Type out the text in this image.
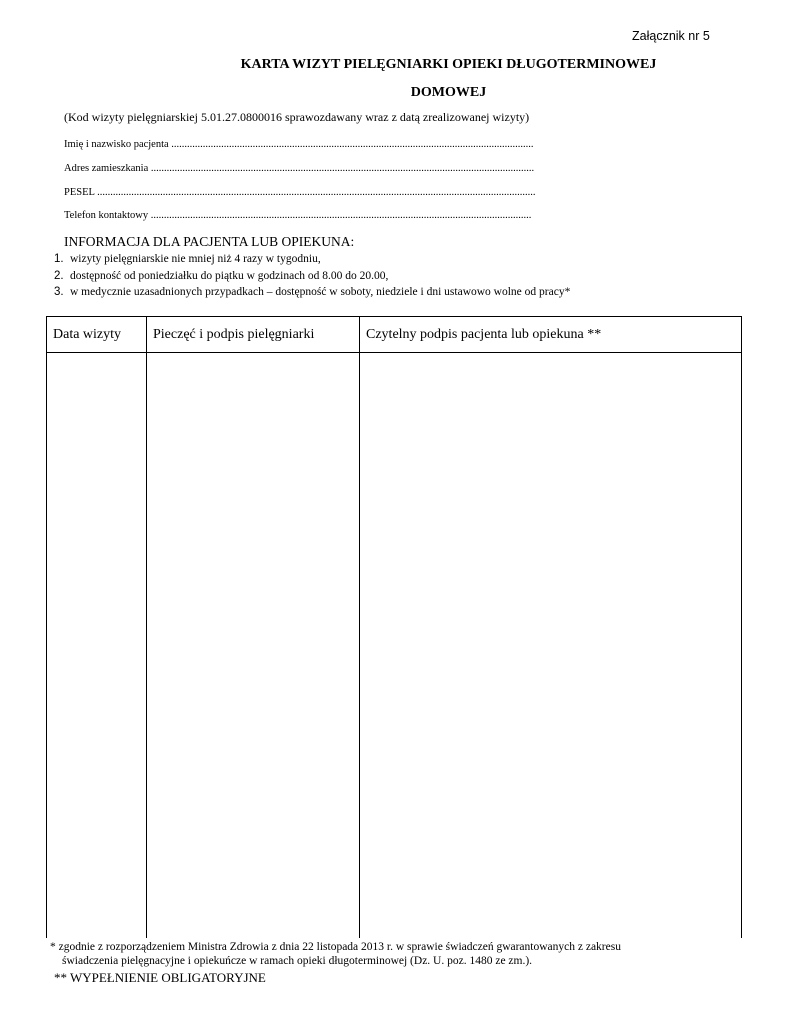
Załącznik nr 5
KARTA WIZYT PIELĘGNIARKI OPIEKI DŁUGOTERMINOWEJ
DOMOWEJ
(Kod wizyty pielęgniarskiej 5.01.27.0800016 sprawozdawany wraz z datą zrealizowanej wizyty)
Imię i nazwisko pacjenta ..........................................................................................................................................
Adres zamieszkania ..................................................................................................................................................
PESEL .......................................................................................................................................................................
Telefon kontaktowy .................................................................................................................................................
INFORMACJA DLA PACJENTA LUB OPIEKUNA:
1. wizyty pielęgniarskie nie mniej niż 4 razy w tygodniu,
2. dostępność od poniedziałku do piątku w godzinach od 8.00 do 20.00,
3. w medycznie uzasadnionych przypadkach – dostępność w soboty, niedziele i dni ustawowo wolne od pracy*
Data wizyty	Pieczęć i podpis pielęgniarki	Czytelny podpis pacjenta lub opiekuna **

* zgodnie z rozporządzeniem Ministra Zdrowia z dnia 22 listopada 2013 r. w sprawie świadczeń gwarantowanych z zakresu
świadczenia pielęgnacyjne i opiekuńcze w ramach opieki długoterminowej (Dz. U. poz. 1480 ze zm.).
** WYPEŁNIENIE OBLIGATORYJNE
